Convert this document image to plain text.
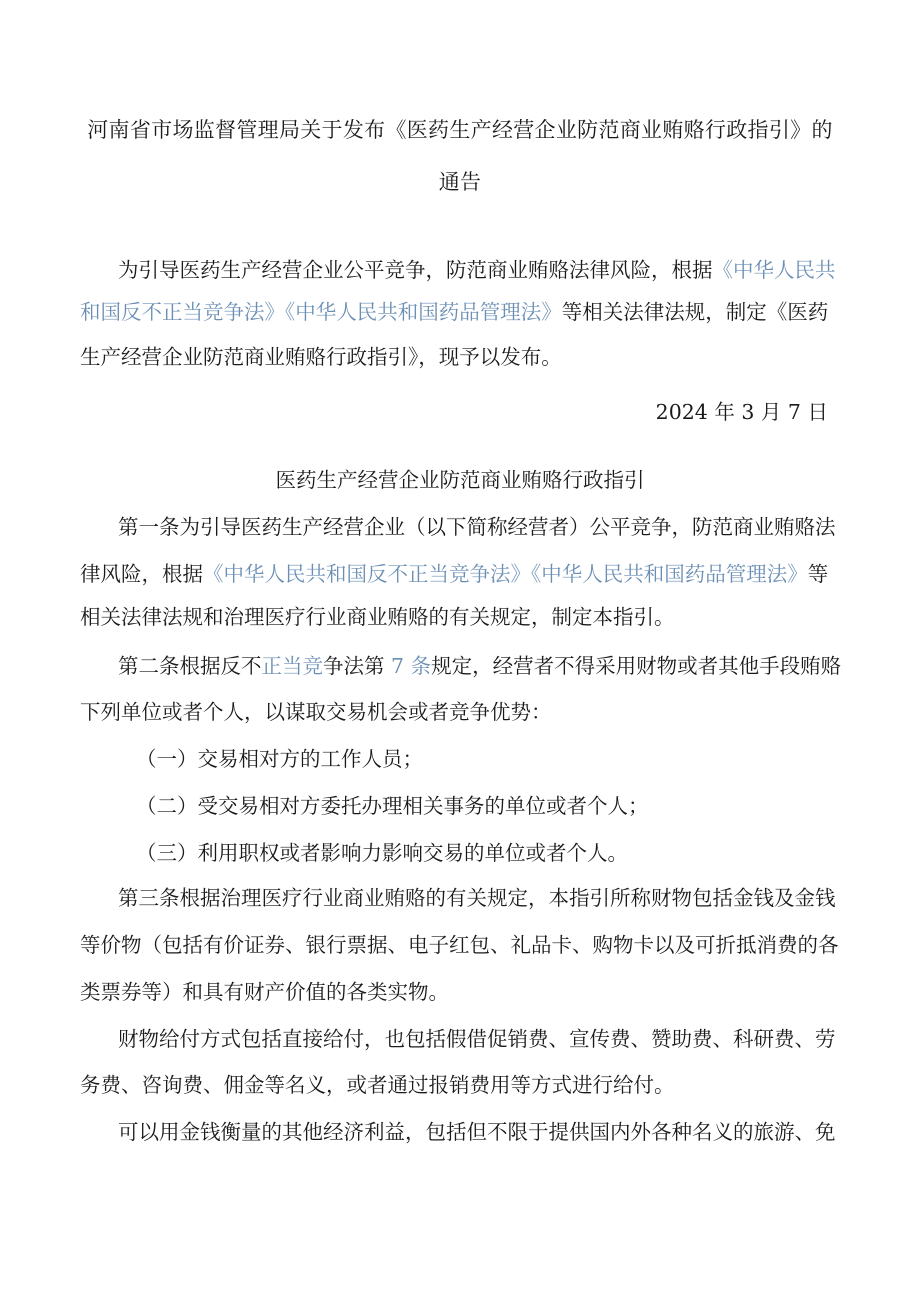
河南省市场监督管理局关于发布《医药生产经营企业防范商业贿赂行政指引》的
通告
为引导医药生产经营企业公平竞争，防范商业贿赂法律风险，根据《中华人民共
和国反不正当竞争法》《中华人民共和国药品管理法》等相关法律法规，制定《医药
生产经营企业防范商业贿赂行政指引》，现予以发布。
2024 年 3 月 7 日
医药生产经营企业防范商业贿赂行政指引
第一条为引导医药生产经营企业（以下简称经营者）公平竞争，防范商业贿赂法
律风险，根据《中华人民共和国反不正当竞争法》《中华人民共和国药品管理法》等
相关法律法规和治理医疗行业商业贿赂的有关规定，制定本指引。
第二条根据反不正当竞争法第 7 条规定，经营者不得采用财物或者其他手段贿赂
下列单位或者个人，以谋取交易机会或者竞争优势：
（一）交易相对方的工作人员；
（二）受交易相对方委托办理相关事务的单位或者个人；
（三）利用职权或者影响力影响交易的单位或者个人。
第三条根据治理医疗行业商业贿赂的有关规定，本指引所称财物包括金钱及金钱
等价物（包括有价证券、银行票据、电子红包、礼品卡、购物卡以及可折抵消费的各
类票券等）和具有财产价值的各类实物。
财物给付方式包括直接给付，也包括假借促销费、宣传费、赞助费、科研费、劳
务费、咨询费、佣金等名义，或者通过报销费用等方式进行给付。
可以用金钱衡量的其他经济利益，包括但不限于提供国内外各种名义的旅游、免
